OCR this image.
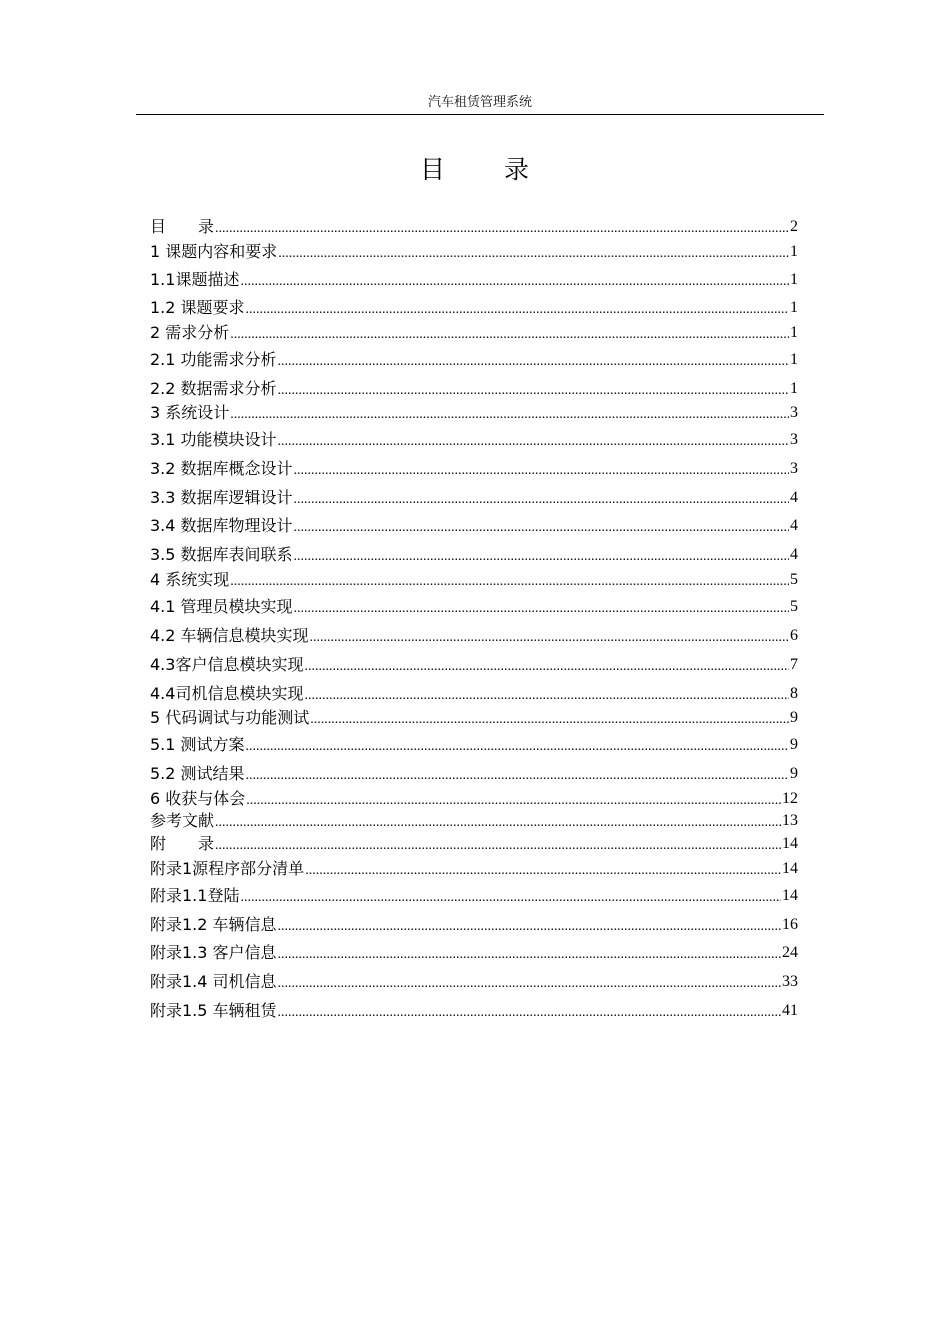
汽车租赁管理系统
目 录
目　　录 .....	2
1 课题内容和要求 .....	1
1.1课题描述 .....	1
1.2 课题要求 .....	1
2 需求分析 .....	1
2.1 功能需求分析 .....	1
2.2 数据需求分析 .....	1
3 系统设计 .....	3
3.1 功能模块设计 .....	3
3.2 数据库概念设计 .....	3
3.3 数据库逻辑设计 .....	4
3.4 数据库物理设计 .....	4
3.5 数据库表间联系 .....	4
4 系统实现 .....	5
4.1 管理员模块实现 .....	5
4.2 车辆信息模块实现 .....	6
4.3客户信息模块实现 .....	7
4.4司机信息模块实现 .....	8
5 代码调试与功能测试 .....	9
5.1 测试方案 .....	9
5.2 测试结果 .....	9
6 收获与体会 .....	12
参考文献 .....	13
附　　录 .....	14
附录1源程序部分清单 .....	14
附录1.1登陆 .....	14
附录1.2 车辆信息 .....	16
附录1.3 客户信息 .....	24
附录1.4 司机信息 .....	33
附录1.5 车辆租赁 .....	41
